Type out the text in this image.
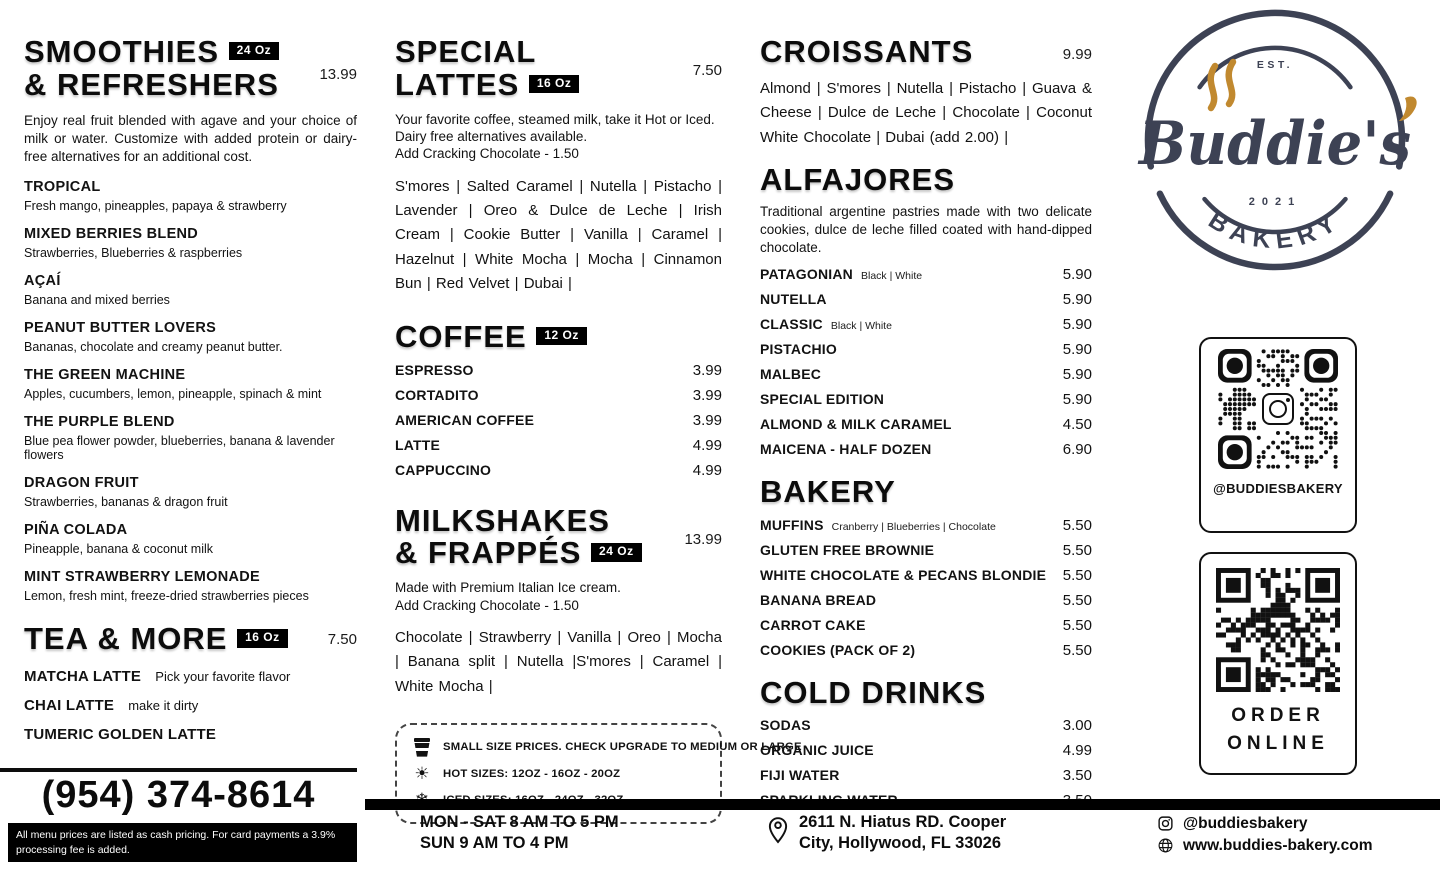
SMOOTHIES 24 Oz
& REFRESHERS	13.99
Enjoy real fruit blended with agave and your choice of milk or water. Customize with added protein or dairy-free alternatives for an additional cost.
TROPICAL
Fresh mango, pineapples, papaya & strawberry
MIXED BERRIES BLEND
Strawberries, Blueberries & raspberries
AÇAÍ
Banana and mixed berries
PEANUT BUTTER LOVERS
Bananas, chocolate and creamy peanut butter.
THE GREEN MACHINE
Apples, cucumbers, lemon, pineapple, spinach & mint
THE PURPLE BLEND
Blue pea flower powder, blueberries, banana & lavender flowers
DRAGON FRUIT
Strawberries, bananas & dragon fruit
PIÑA COLADA
Pineapple, banana & coconut milk
MINT STRAWBERRY LEMONADE
Lemon, fresh mint, freeze-dried strawberries pieces
TEA & MORE 16 Oz	7.50
MATCHA LATTE Pick your favorite flavor
CHAI LATTE make it dirty
TUMERIC GOLDEN LATTE
(954) 374-8614
All menu prices are listed as cash pricing. For card payments a 3.9% processing fee is added.
SPECIAL
LATTES 16 Oz
7.50
Your favorite coffee, steamed milk, take it Hot or Iced.
Dairy free alternatives available.
Add Cracking Chocolate - 1.50
S'mores | Salted Caramel | Nutella | Pistacho | Lavender | Oreo & Dulce de Leche | Irish Cream | Cookie Butter | Vanilla | Caramel | Hazelnut | White Mocha | Mocha | Cinnamon Bun | Red Velvet | Dubai |
COFFEE 12 Oz
ESPRESSO	3.99
CORTADITO	3.99
AMERICAN COFFEE	3.99
LATTE	4.99
CAPPUCCINO	4.99
MILKSHAKES
& FRAPPÉS 24 Oz
13.99
Made with Premium Italian Ice cream.
Add Cracking Chocolate - 1.50
Chocolate | Strawberry | Vanilla | Oreo | Mocha | Banana split | Nutella |S'mores | Caramel | White Mocha |
SMALL SIZE PRICES. CHECK UPGRADE TO MEDIUM OR LARGE
☀ HOT SIZES: 12OZ - 16OZ - 20OZ
CROISSANTS	9.99
Almond | S'mores | Nutella | Pistacho | Guava & Cheese | Dulce de Leche | Chocolate | Coconut White Chocolate | Dubai (add 2.00) |
ALFAJORES
Traditional argentine pastries made with two delicate cookies, dulce de leche filled coated with hand-dipped chocolate.
PATAGONIAN Black | White	5.90
NUTELLA	5.90
CLASSIC Black | White	5.90
PISTACHIO	5.90
MALBEC	5.90
SPECIAL EDITION	5.90
ALMOND & MILK CARAMEL	4.50
MAICENA - HALF DOZEN	6.90
BAKERY
MUFFINS Cranberry | Blueberries | Chocolate	5.50
GLUTEN FREE BROWNIE	5.50
WHITE CHOCOLATE & PECANS BLONDIE 5.50
BANANA BREAD	5.50
CARROT CAKE	5.50
COOKIES (PACK OF 2)	5.50
COLD DRINKS
SODAS	3.00
ORGANIC JUICE	4.99
FIJI WATER	3.50
EST.
Buddie's
2021
BAKERY
@BUDDIESBAKERY
ORDER
ONLINE
MON - SAT 8 AM TO 5 PM
SUN 9 AM TO 4 PM
2611 N. Hiatus RD. Cooper
City, Hollywood, FL 33026
@buddiesbakery
www.buddies-bakery.com
